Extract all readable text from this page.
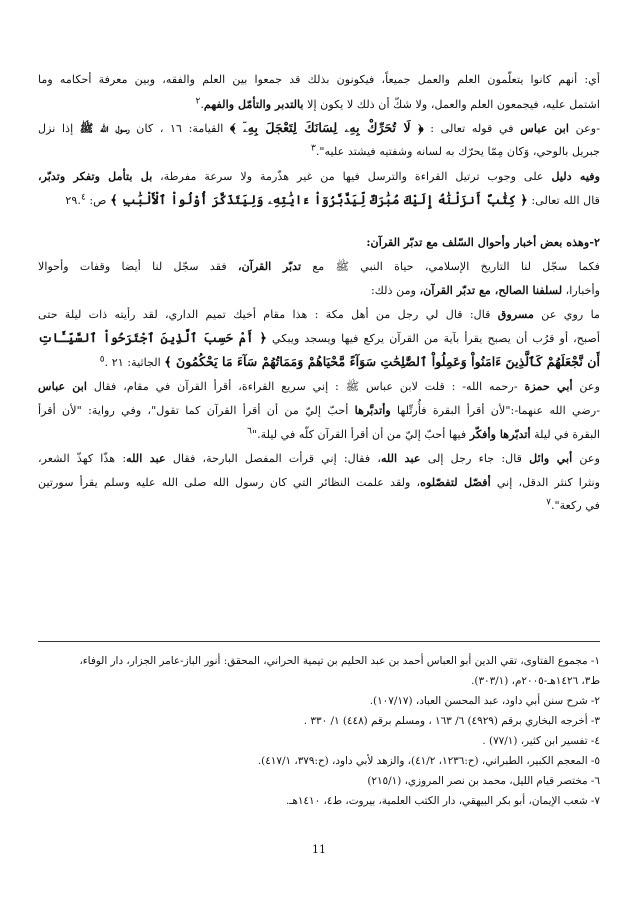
أي: أنهم كانوا يتعلّمون العلم والعمل جميعاً، فيكونون بذلك قد جمعوا بين العلم والفقه، وبين معرفة أحكامه وما
اشتمل عليه، فيجمعون العلم والعمل، ولا شكّ أن ذلك لا يكون إلا بالتدبر والتأمّل والفهم.$^٢$
-وعن ابن عباس في قوله تعالى : ﴿ لَا تُحَرِّكْ بِهِۦ لِسَانَكَ لِتَعْجَلَ بِهِۦٓ ﴾ القيامة: ١٦ ، كان رسول الله ﷺ إذا نزل
جبريل بالوحي، وَكان مِمّا يحرّك به لسانه وشفتيه فيشتد عليه".$^٣$
وفيه دليل على وجوب ترتيل القراءة والترسل فيها من غير هذّرمة ولا سرعة مفرطة، بل بتأمل وتفكر وتدبّر،
قال الله تعالى: ﴿ كِتَٰبٌ أَنزَلْنَٰهُ إِلَيْكَ مُبَٰرَكٌ لِّيَدَّبَّرُوٓاْ ءَايَٰتِهِۦ وَلِيَتَذَكَّرَ أُوْلُواْ ٱلْأَلْبَٰبِ ﴾ ص: ٢٩.$^٤$
٢-وهذه بعض أخبار وأحوال السّلف مع تدبّر القرآن:
فكما سجّل لنا التاريخ الإسلامي، حياة النبي ﷺ مع تدبّر القرآن، فقد سجّل لنا أيضا وقفات وأحوالا
وأخبارا، لسلفنا الصالح، مع تدبّر القرآن، ومن ذلك:
ما روي عن مسروق قال: قال لي رجل من أهل مكة : هذا مقام أخيك تميم الداري، لقد رأيته ذات ليلة حتى
أصبح، أو قرُب أن يصبح يقرأ بآية من القرآن يركع فيها ويسجد ويبكي ﴿ أَمْ حَسِبَ ٱلَّذِينَ ٱجْتَرَحُواْ ٱلسَّيِّـَٔاتِ
أَن نَّجْعَلَهُمْ كَٱلَّذِينَ ءَامَنُواْ وَعَمِلُواْ ٱلصَّٰلِحَٰتِ سَوَآءً مَّحْيَاهُمْ وَمَمَاتُهُمْ سَآءَ مَا يَحْكُمُونَ ﴾ الجاثية: ٢١ .$^٥$
وعن أبي حمزة -رحمه الله- : قلت لابن عباس ﷺ : إني سريع القراءة، أقرأ القرآن في مقام، فقال ابن عباس
-رضي الله عنهما-:"لأن أقرأ البقرة فأُرتِّلها وأتدبَّرها أحبّ إليّ من أن أقرأ القرآن كما تقول"، وفي رواية: "لأن أقرأ
البقرة في ليلة أتدبّرها وأفكّر فيها أحبّ إليّ من أن أقرأ القرآن كلّه في ليلة."$^٦$
وعن أبي وائل قال: جاء رجل إلى عبد الله، فقال: إني قرأت المفصل البارحة، فقال عبد الله: هذّا كهذّ الشعر،
ونثرا كنثر الدقل، إني أفصّل لتفصّلوه، ولقد علمت النظائر التي كان رسول الله صلى الله عليه وسلم يقرأ سورتين
في ركعة".$^٧$
١- مجموع الفتاوى، تقي الدين أبو العباس أحمد بن عبد الحليم بن تيمية الحراني، المحقق: أنور الباز-عامر الجزار، دار الوفاء،
ط٣، ١٤٢٦هـ-٢٠٠٥م، (٣٠٣/١).
٢- شرح سنن أبي داود، عبد المحسن العباد، (١٠٧/١٧).
٣- أخرجه البخاري برقم (٤٩٢٩) ٦/ ١٦٣ ، ومسلم برقم (٤٤٨) ١/ ٣٣٠ .
٤- تفسير ابن كثير، (٧٧/١) .
٥- المعجم الكبير، الطبراني، (ح:١٢٣٦، ٤١/٢)، والزهد لأبي داود، (ح:٣٧٩، ٤١٧/١).
٦- مختصر قيام الليل، محمد بن نصر المروزي، (٢١٥/١)
٧- شعب الإيمان، أبو بكر البيهقي، دار الكتب العلمية، بيروت، ط٤، ١٤١٠هـ.
11
